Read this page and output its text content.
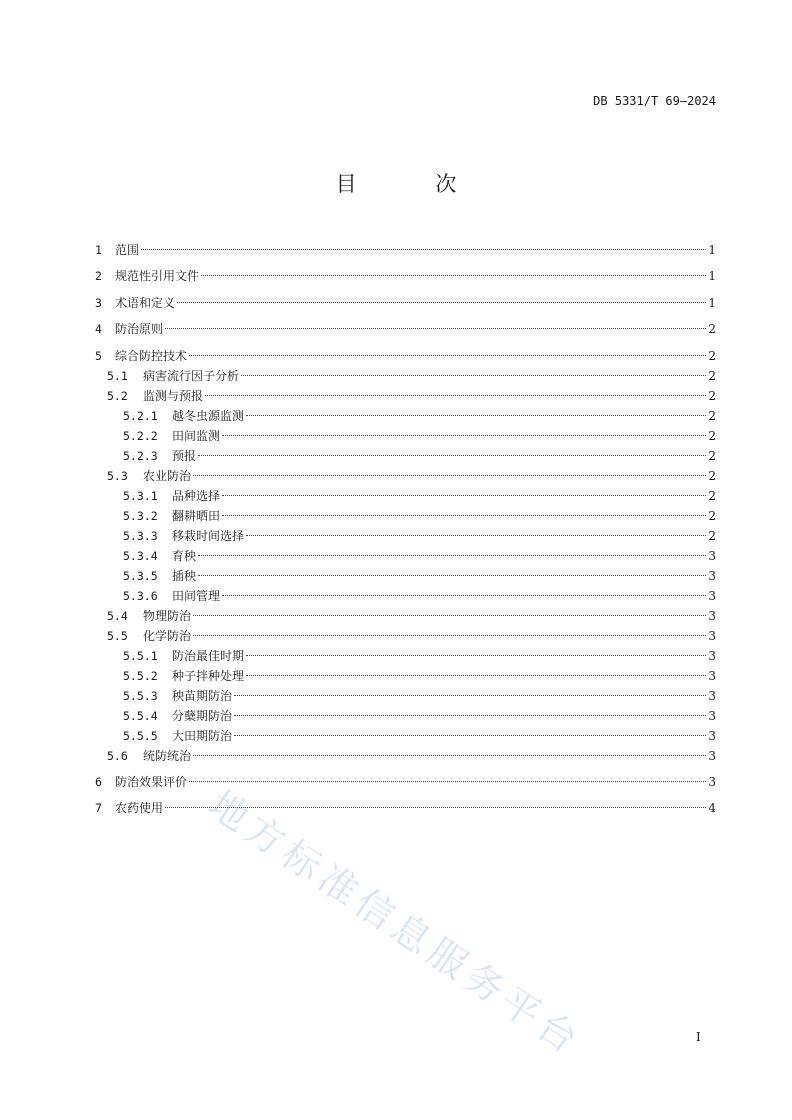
DB 5331/T 69—2024
目 次
1	范围	1
2	规范性引用文件	1
3	术语和定义	1
4	防治原则	2
5	综合防控技术	2
5.1	病害流行因子分析	2
5.2	监测与预报	2
5.2.1	越冬虫源监测	2
5.2.2	田间监测	2
5.2.3	预报	2
5.3	农业防治	2
5.3.1	品种选择	2
5.3.2	翻耕晒田	2
5.3.3	移栽时间选择	2
5.3.4	育秧	3
5.3.5	插秧	3
5.3.6	田间管理	3
5.4	物理防治	3
5.5	化学防治	3
5.5.1	防治最佳时期	3
5.5.2	种子拌种处理	3
5.5.3	秧苗期防治	3
5.5.4	分蘖期防治	3
5.5.5	大田期防治	3
5.6	统防统治	3
6	防治效果评价	3
7	农药使用	4
I
地方标准信息服务平台
